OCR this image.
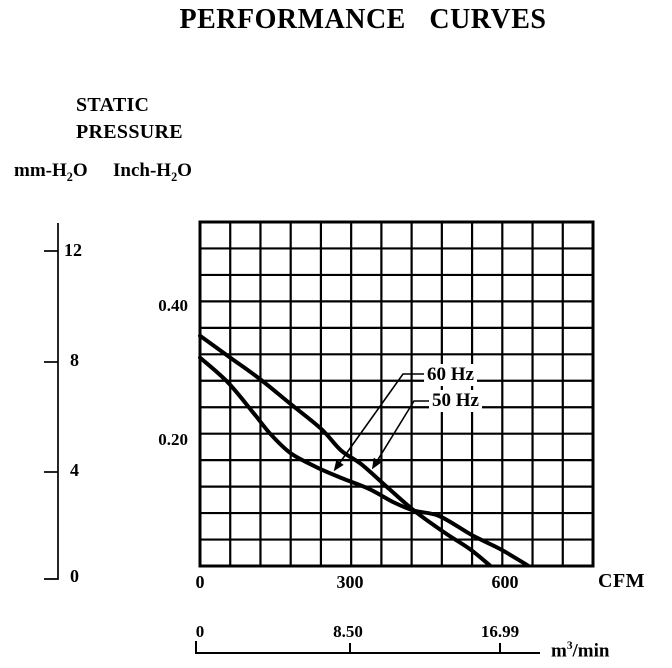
PERFORMANCE CURVES
STATIC
PRESSURE
$mm-H_2O$ Inch-$H_2O$
12
8
4
0
0.40
0.20
0	300	600	CFM
0	8.50	16.99
$m^3/\min$
60 Hz
50 Hz
